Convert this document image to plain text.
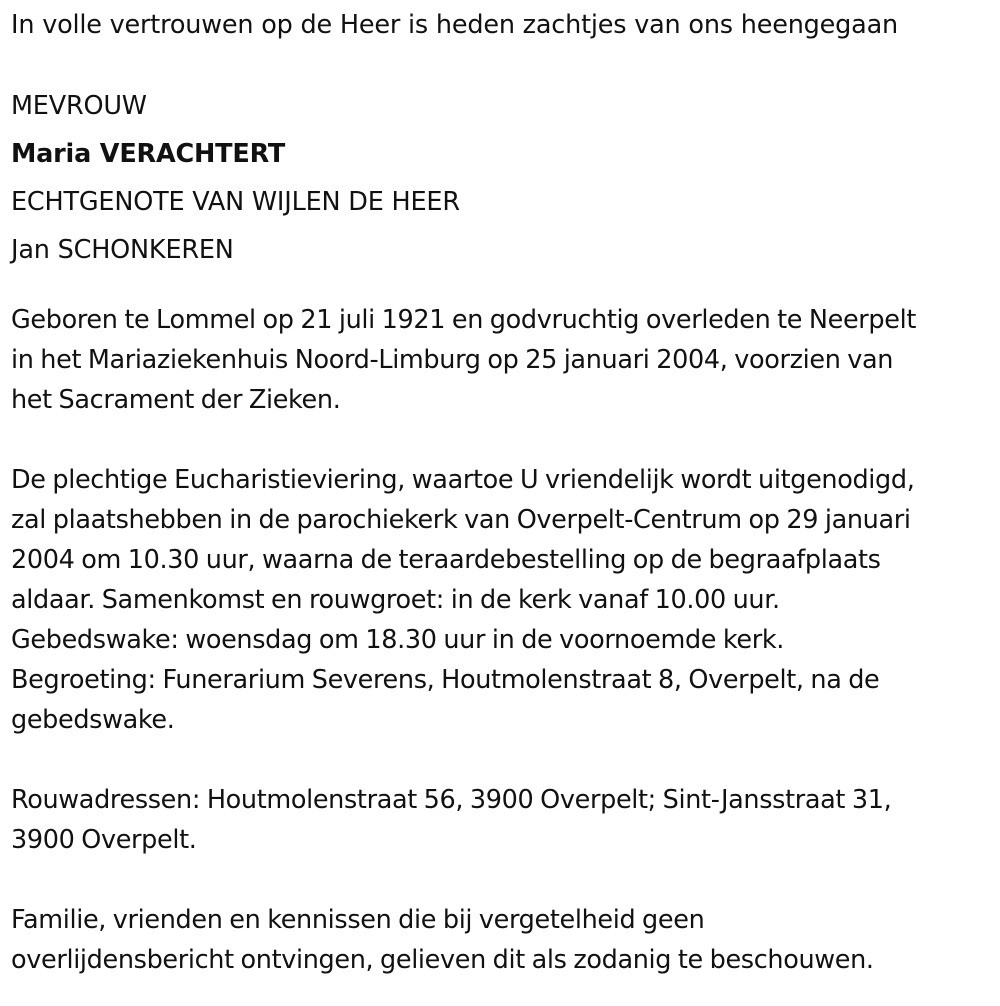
In volle vertrouwen op de Heer is heden zachtjes van ons heengegaan

MEVROUW
Maria VERACHTERT
ECHTGENOTE VAN WIJLEN DE HEER
Jan SCHONKEREN

Geboren te Lommel op 21 juli 1921 en godvruchtig overleden te Neerpelt
in het Mariaziekenhuis Noord-Limburg op 25 januari 2004, voorzien van
het Sacrament der Zieken.

De plechtige Eucharistieviering, waartoe U vriendelijk wordt uitgenodigd,
zal plaatshebben in de parochiekerk van Overpelt-Centrum op 29 januari
2004 om 10.30 uur, waarna de teraardebestelling op de begraafplaats
aldaar. Samenkomst en rouwgroet: in de kerk vanaf 10.00 uur.
Gebedswake: woensdag om 18.30 uur in de voornoemde kerk.
Begroeting: Funerarium Severens, Houtmolenstraat 8, Overpelt, na de
gebedswake.

Rouwadressen: Houtmolenstraat 56, 3900 Overpelt; Sint-Jansstraat 31,
3900 Overpelt.

Familie, vrienden en kennissen die bij vergetelheid geen
overlijdensbericht ontvingen, gelieven dit als zodanig te beschouwen.
